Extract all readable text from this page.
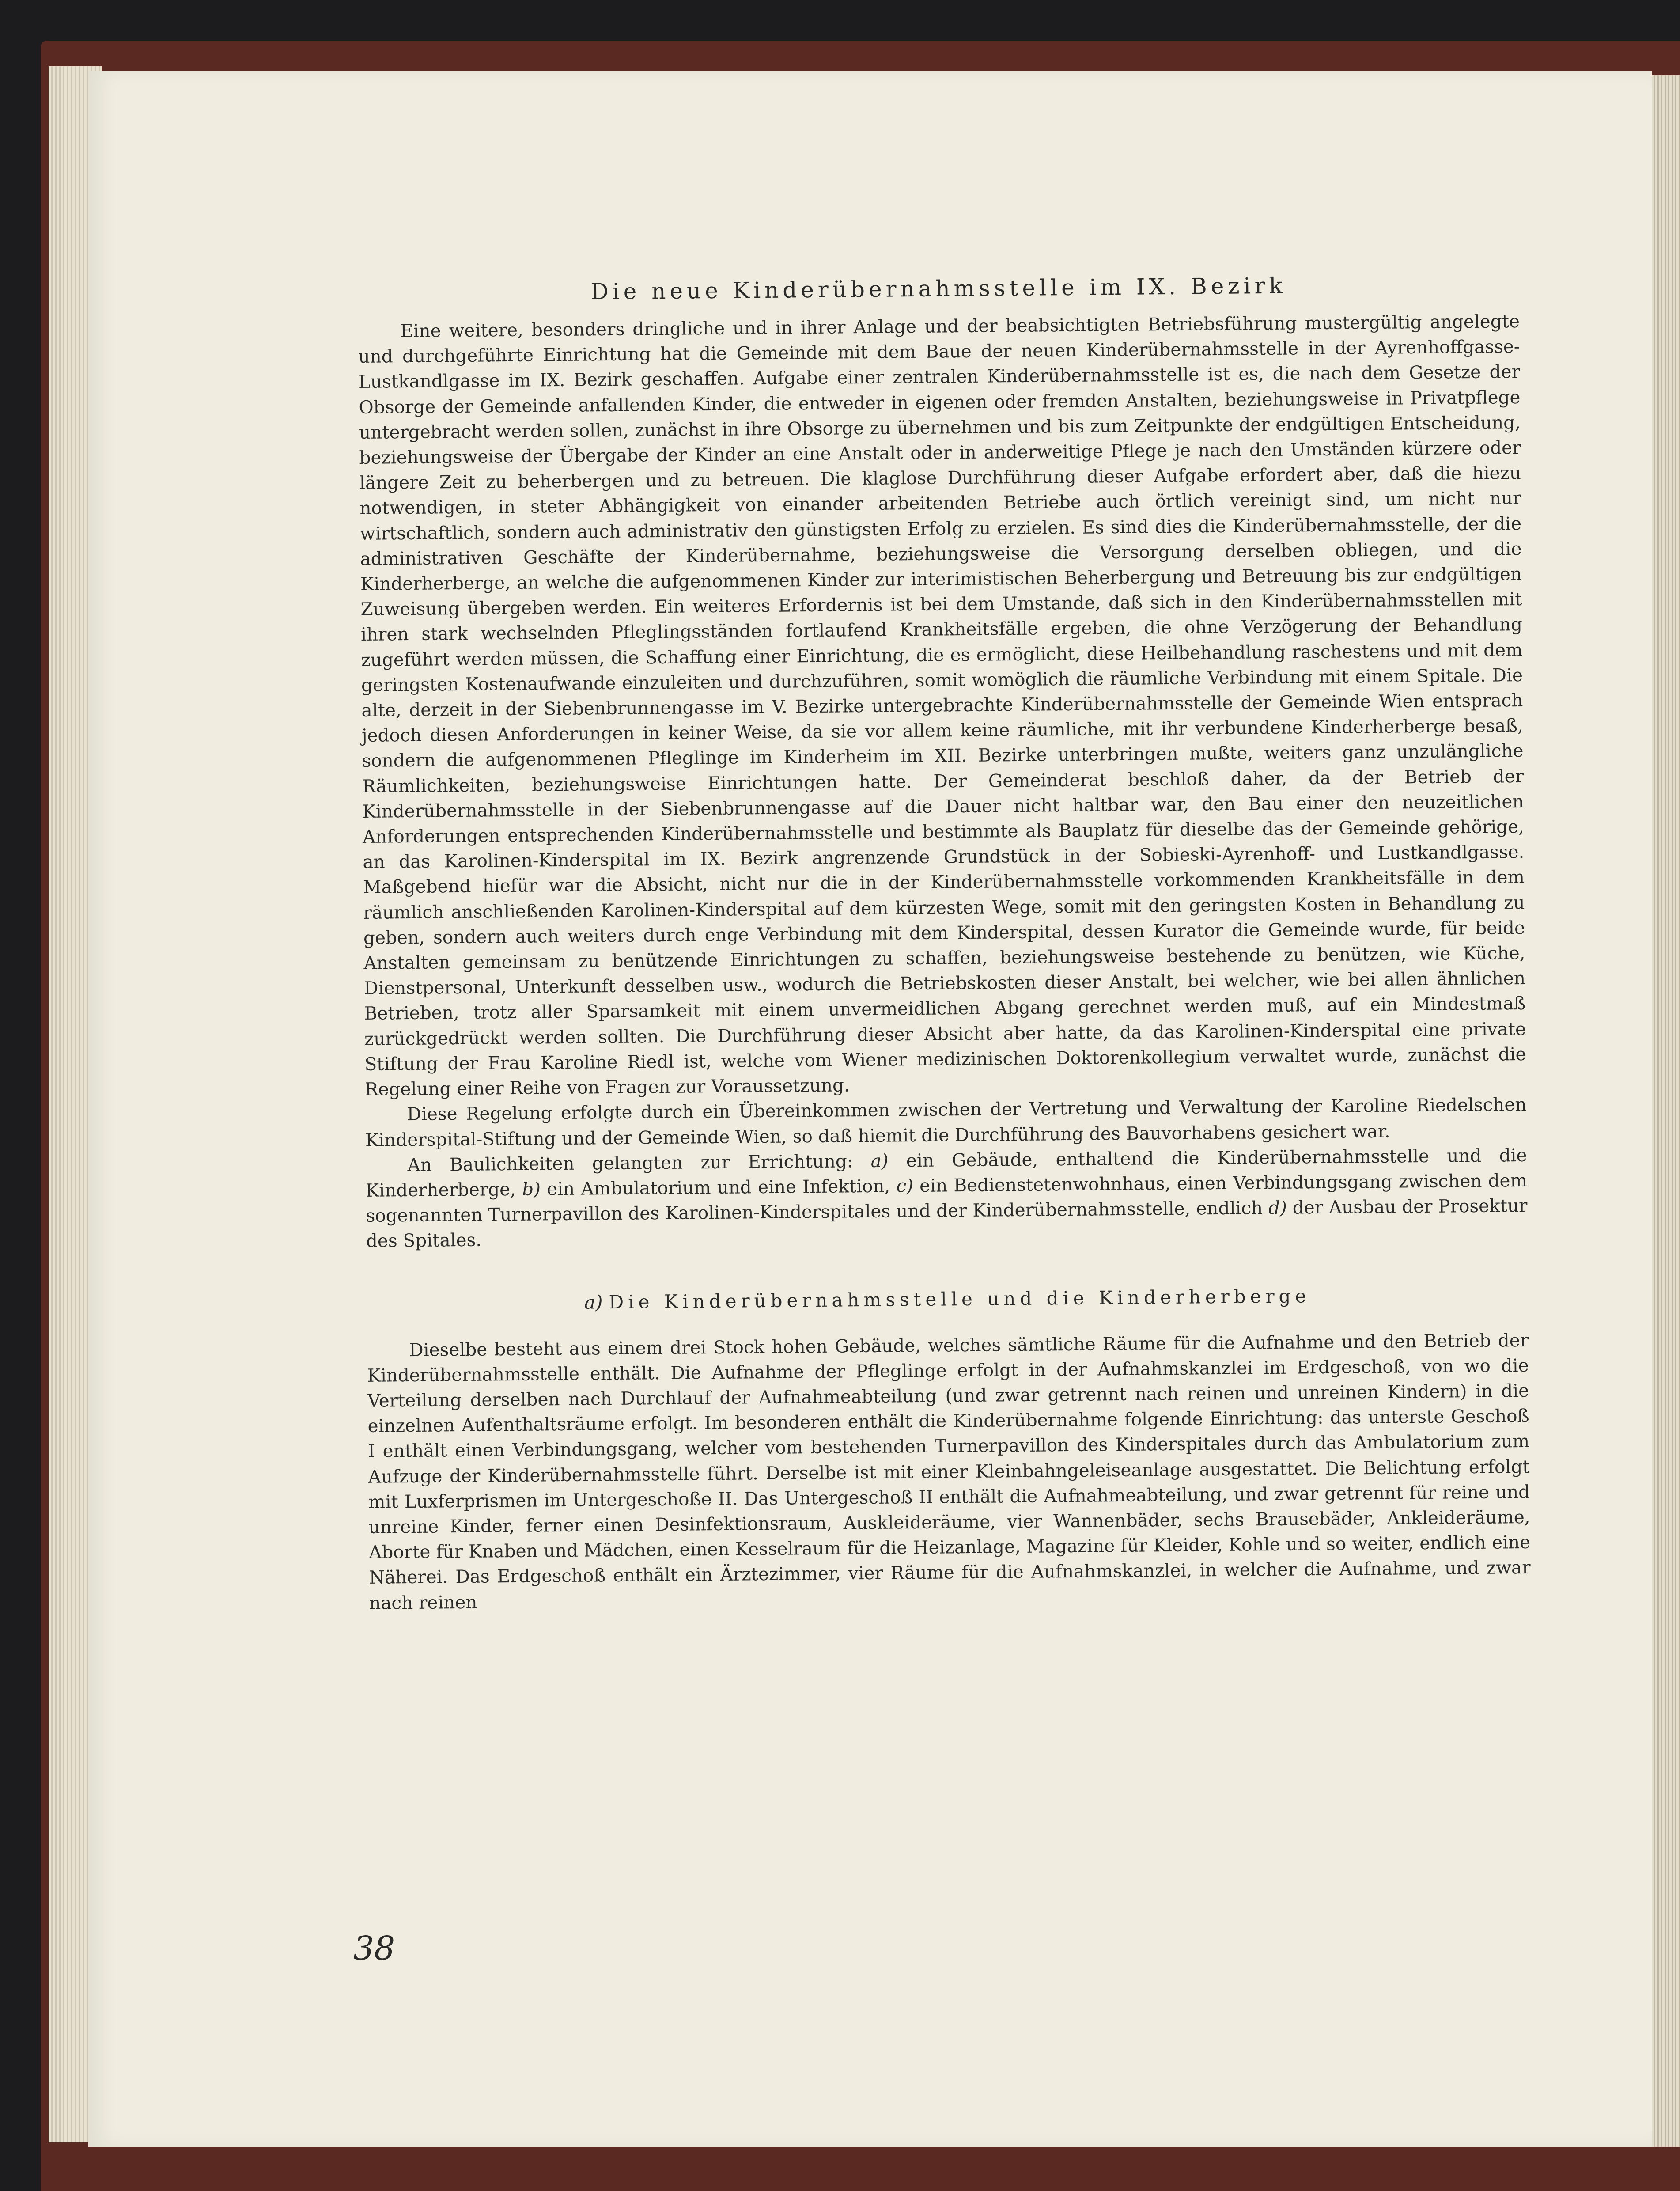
Die neue Kinderübernahmsstelle im IX. Bezirk

Eine weitere, besonders dringliche und in ihrer Anlage und der beabsichtigten Betriebsführung mustergültig angelegte und durchgeführte Einrichtung hat die Gemeinde mit dem Baue der neuen Kinderübernahmsstelle in der Ayrenhoffgasse-Lustkandlgasse im IX. Bezirk geschaffen. Aufgabe einer zentralen Kinderübernahmsstelle ist es, die nach dem Gesetze der Obsorge der Gemeinde anfallenden Kinder, die entweder in eigenen oder fremden Anstalten, beziehungsweise in Privatpflege untergebracht werden sollen, zunächst in ihre Obsorge zu übernehmen und bis zum Zeitpunkte der endgültigen Entscheidung, beziehungsweise der Übergabe der Kinder an eine Anstalt oder in anderweitige Pflege je nach den Umständen kürzere oder längere Zeit zu beherbergen und zu betreuen. Die klaglose Durchführung dieser Aufgabe erfordert aber, daß die hiezu notwendigen, in steter Abhängigkeit von einander arbeitenden Betriebe auch örtlich vereinigt sind, um nicht nur wirtschaftlich, sondern auch administrativ den günstigsten Erfolg zu erzielen. Es sind dies die Kinderübernahmsstelle, der die administrativen Geschäfte der Kinderübernahme, beziehungsweise die Versorgung derselben obliegen, und die Kinderherberge, an welche die aufgenommenen Kinder zur interimistischen Beherbergung und Betreuung bis zur endgültigen Zuweisung übergeben werden. Ein weiteres Erfordernis ist bei dem Umstande, daß sich in den Kinderübernahmsstellen mit ihren stark wechselnden Pfleglingsständen fortlaufend Krankheitsfälle ergeben, die ohne Verzögerung der Behandlung zugeführt werden müssen, die Schaffung einer Einrichtung, die es ermöglicht, diese Heilbehandlung raschestens und mit dem geringsten Kostenaufwande einzuleiten und durchzuführen, somit womöglich die räumliche Verbindung mit einem Spitale. Die alte, derzeit in der Siebenbrunnengasse im V. Bezirke untergebrachte Kinderübernahmsstelle der Gemeinde Wien entsprach jedoch diesen Anforderungen in keiner Weise, da sie vor allem keine räumliche, mit ihr verbundene Kinderherberge besaß, sondern die aufgenommenen Pfleglinge im Kinderheim im XII. Bezirke unterbringen mußte, weiters ganz unzulängliche Räumlichkeiten, beziehungsweise Einrichtungen hatte. Der Gemeinderat beschloß daher, da der Betrieb der Kinderübernahmsstelle in der Siebenbrunnengasse auf die Dauer nicht haltbar war, den Bau einer den neuzeitlichen Anforderungen entsprechenden Kinderübernahmsstelle und bestimmte als Bauplatz für dieselbe das der Gemeinde gehörige, an das Karolinen-Kinderspital im IX. Bezirk angrenzende Grundstück in der Sobieski-Ayrenhoff- und Lustkandlgasse. Maßgebend hiefür war die Absicht, nicht nur die in der Kinderübernahmsstelle vorkommenden Krankheitsfälle in dem räumlich anschließenden Karolinen-Kinderspital auf dem kürzesten Wege, somit mit den geringsten Kosten in Behandlung zu geben, sondern auch weiters durch enge Verbindung mit dem Kinderspital, dessen Kurator die Gemeinde wurde, für beide Anstalten gemeinsam zu benützende Einrichtungen zu schaffen, beziehungsweise bestehende zu benützen, wie Küche, Dienstpersonal, Unterkunft desselben usw., wodurch die Betriebskosten dieser Anstalt, bei welcher, wie bei allen ähnlichen Betrieben, trotz aller Sparsamkeit mit einem unvermeidlichen Abgang gerechnet werden muß, auf ein Mindestmaß zurückgedrückt werden sollten. Die Durchführung dieser Absicht aber hatte, da das Karolinen-Kinderspital eine private Stiftung der Frau Karoline Riedl ist, welche vom Wiener medizinischen Doktorenkollegium verwaltet wurde, zunächst die Regelung einer Reihe von Fragen zur Voraussetzung.

Diese Regelung erfolgte durch ein Übereinkommen zwischen der Vertretung und Verwaltung der Karoline Riedelschen Kinderspital-Stiftung und der Gemeinde Wien, so daß hiemit die Durchführung des Bauvorhabens gesichert war.

An Baulichkeiten gelangten zur Errichtung: a) ein Gebäude, enthaltend die Kinderübernahmsstelle und die Kinderherberge, b) ein Ambulatorium und eine Infektion, c) ein Bedienstetenwohnhaus, einen Verbindungsgang zwischen dem sogenannten Turnerpavillon des Karolinen-Kinderspitales und der Kinderübernahmsstelle, endlich d) der Ausbau der Prosektur des Spitales.

a) Die Kinderübernahmsstelle und die Kinderherberge

Dieselbe besteht aus einem drei Stock hohen Gebäude, welches sämtliche Räume für die Aufnahme und den Betrieb der Kinderübernahmsstelle enthält. Die Aufnahme der Pfleglinge erfolgt in der Aufnahmskanzlei im Erdgeschoß, von wo die Verteilung derselben nach Durchlauf der Aufnahmeabteilung (und zwar getrennt nach reinen und unreinen Kindern) in die einzelnen Aufenthaltsräume erfolgt. Im besonderen enthält die Kinderübernahme folgende Einrichtung: das unterste Geschoß I enthält einen Verbindungsgang, welcher vom bestehenden Turnerpavillon des Kinderspitales durch das Ambulatorium zum Aufzuge der Kinderübernahmsstelle führt. Derselbe ist mit einer Kleinbahngeleiseanlage ausgestattet. Die Belichtung erfolgt mit Luxferprismen im Untergeschoße II. Das Untergeschoß II enthält die Aufnahmeabteilung, und zwar getrennt für reine und unreine Kinder, ferner einen Desinfektionsraum, Auskleideräume, vier Wannenbäder, sechs Brausebäder, Ankleideräume, Aborte für Knaben und Mädchen, einen Kesselraum für die Heizanlage, Magazine für Kleider, Kohle und so weiter, endlich eine Näherei. Das Erdgeschoß enthält ein Ärztezimmer, vier Räume für die Aufnahmskanzlei, in welcher die Aufnahme, und zwar nach reinen

38
